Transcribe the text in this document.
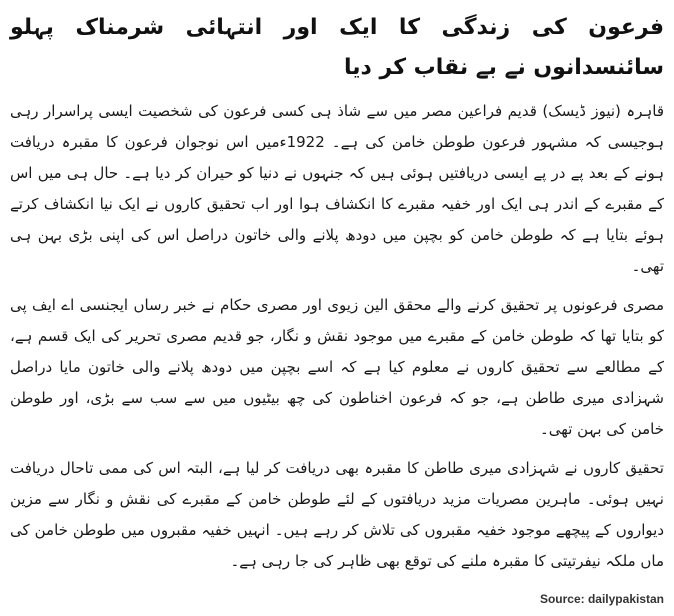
فرعون کی زندگی کا ایک اور انتہائی شرمناک پہلو سائنسدانوں نے بے نقاب کر دیا

قاہرہ (نیوز ڈیسک) قدیم فراعین مصر میں سے شاذ ہی کسی فرعون کی شخصیت ایسی پراسرار رہی ہوجیسی کہ مشہور فرعون طوطن خامن کی ہے۔ 1922ءمیں اس نوجوان فرعون کا مقبرہ دریافت ہونے کے بعد پے در پے ایسی دریافتیں ہوئی ہیں کہ جنہوں نے دنیا کو حیران کر دیا ہے۔ حال ہی میں اس کے مقبرے کے اندر ہی ایک اور خفیہ مقبرے کا انکشاف ہوا اور اب تحقیق کاروں نے ایک نیا انکشاف کرتے ہوئے بتایا ہے کہ طوطن خامن کو بچپن میں دودھ پلانے والی خاتون دراصل اس کی اپنی بڑی بہن ہی تھی۔

مصری فرعونوں پر تحقیق کرنے والے محقق الین زیوی اور مصری حکام نے خبر رساں ایجنسی اے ایف پی کو بتایا تھا کہ طوطن خامن کے مقبرے میں موجود نقش و نگار، جو قدیم مصری تحریر کی ایک قسم ہے، کے مطالعے سے تحقیق کاروں نے معلوم کیا ہے کہ اسے بچپن میں دودھ پلانے والی خاتون مایا دراصل شہزادی میری طاطن ہے، جو کہ فرعون اخناطون کی چھ بیٹیوں میں سے سب سے بڑی، اور طوطن خامن کی بہن تھی۔

تحقیق کاروں نے شہزادی میری طاطن کا مقبرہ بھی دریافت کر لیا ہے، البتہ اس کی ممی تاحال دریافت نہیں ہوئی۔ ماہرین مصریات مزید دریافتوں کے لئے طوطن خامن کے مقبرے کی نقش و نگار سے مزین دیواروں کے پیچھے موجود خفیہ مقبروں کی تلاش کر رہے ہیں۔ انہیں خفیہ مقبروں میں طوطن خامن کی ماں ملکہ نیفرتیتی کا مقبرہ ملنے کی توقع بھی ظاہر کی جا رہی ہے۔

Source: dailypakistan
